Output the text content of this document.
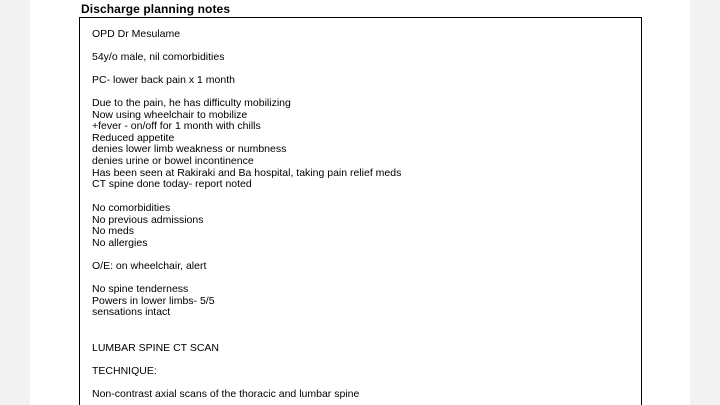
Discharge planning notes
OPD Dr Mesulame
54y/o male, nil comorbidities
PC- lower back pain x 1 month
Due to the pain, he has difficulty mobilizing
Now using wheelchair to mobilize
+fever - on/off for 1 month with chills
Reduced appetite
denies lower limb weakness or numbness
denies urine or bowel incontinence
Has been seen at Rakiraki and Ba hospital, taking pain relief meds
CT spine done today- report noted
No comorbidities
No previous admissions
No meds
No allergies
O/E: on wheelchair, alert
No spine tenderness
Powers in lower limbs- 5/5
sensations intact
LUMBAR SPINE CT SCAN
TECHNIQUE:
Non-contrast axial scans of the thoracic and lumbar spine
